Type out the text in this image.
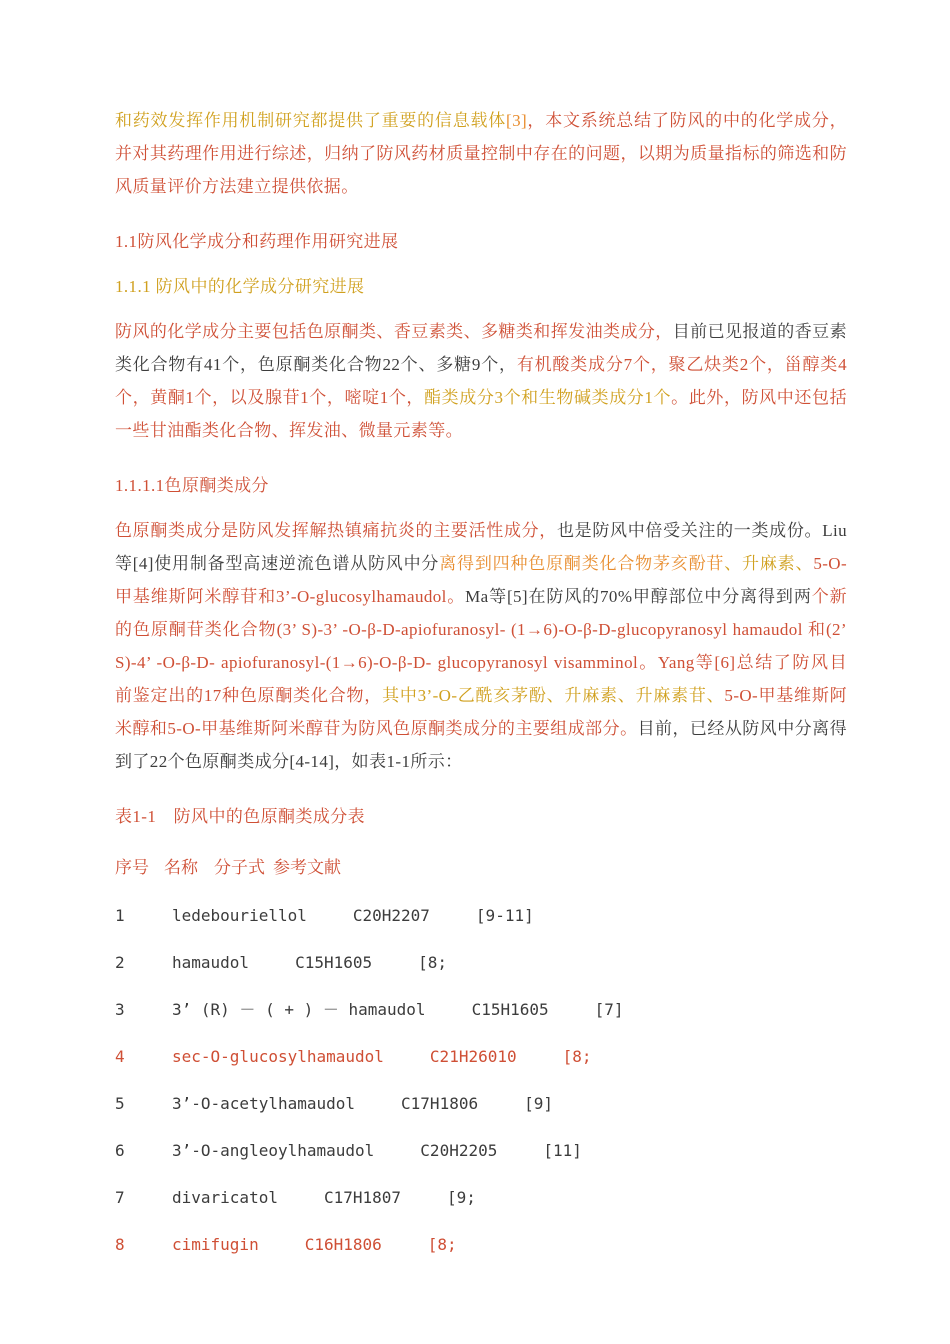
和药效发挥作用机制研究都提供了重要的信息载体[3]，本文系统总结了防风的中的化学成分，并对其药理作用进行综述，归纳了防风药材质量控制中存在的问题，以期为质量指标的筛选和防风质量评价方法建立提供依据。

1.1防风化学成分和药理作用研究进展
1.1.1 防风中的化学成分研究进展

防风的化学成分主要包括色原酮类、香豆素类、多糖类和挥发油类成分，目前已见报道的香豆素类化合物有41个，色原酮类化合物22个、多糖9个，有机酸类成分7个，聚乙炔类2个，甾醇类4个，黄酮1个，以及腺苷1个，嘧啶1个，酯类成分3个和生物碱类成分1个。此外，防风中还包括一些甘油酯类化合物、挥发油、微量元素等。

1.1.1.1色原酮类成分

色原酮类成分是防风发挥解热镇痛抗炎的主要活性成分，也是防风中倍受关注的一类成份。Liu等[4]使用制备型高速逆流色谱从防风中分离得到四种色原酮类化合物茅亥酚苷、升麻素、5-O-甲基维斯阿米醇苷和3’-O-glucosylhamaudol。Ma等[5]在防风的70%甲醇部位中分离得到两个新的色原酮苷类化合物(3’ S)-3’ -O-β-D-apiofuranosyl- (1→6)-O-β-D-glucopyranosyl hamaudol 和(2’ S)-4’ -O-β-D- apiofuranosyl-(1→6)-O-β-D- glucopyranosyl visamminol。Yang等[6]总结了防风目前鉴定出的17种色原酮类化合物，其中3’-O-乙酰亥茅酚、升麻素、升麻素苷、5-O-甲基维斯阿米醇和5-O-甲基维斯阿米醇苷为防风色原酮类成分的主要组成部分。目前，已经从防风中分离得到了22个色原酮类成分[4-14]，如表1-1所示：

表1-1　防风中的色原酮类成分表

序号 名称 分子式 参考文献
1	ledebouriellol	C20H2207	[9-11]
2	hamaudol	C15H1605	[8;
3	3’ (R) － ( + ) － hamaudol	C15H1605	[7]
4	sec-O-glucosylhamaudol	C21H26010	[8;
5	3’-O-acetylhamaudol	C17H1806	[9]
6	3’-O-angleoylhamaudol	C20H2205	[11]
7	divaricatol	C17H1807	[9;
8	cimifugin	C16H1806	[8;
